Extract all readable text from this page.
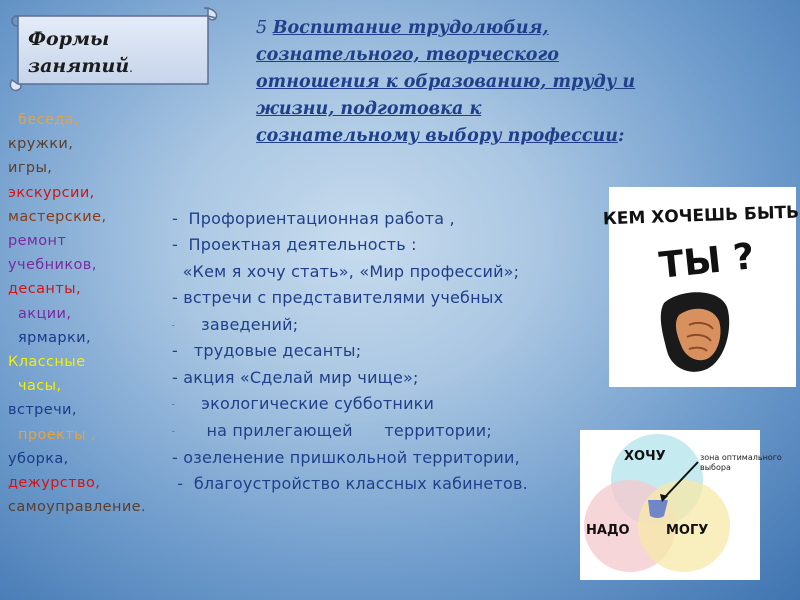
Формы
занятий.
беседа,
кружки,
игры,
экскурсии,
мастерские,
ремонт
учебников,
десанты,
акции,
ярмарки,
Классные
часы,
встречи,
проекты ,
уборка,
дежурство,
самоуправление.
5 Воспитание трудолюбия,
сознательного, творческого
отношения к образованию, труду и
жизни, подготовка к
сознательному выбору профессии:
-  Профориентационная работа ,
-  Проектная деятельность :
«Кем я хочу стать», «Мир профессий»;
- встречи с представителями учебных
-     заведений;
-   трудовые десанты;
- акция «Сделай мир чище»;
-     экологические субботники
-      на прилегающей      территории;
- озеленение пришкольной территории,
-  благоустройство классных кабинетов.
КЕМ ХОЧЕШЬ БЫТЬ
ТЫ ?
ХОЧУ
НАДО	МОГУ
зона оптимального
выбора
